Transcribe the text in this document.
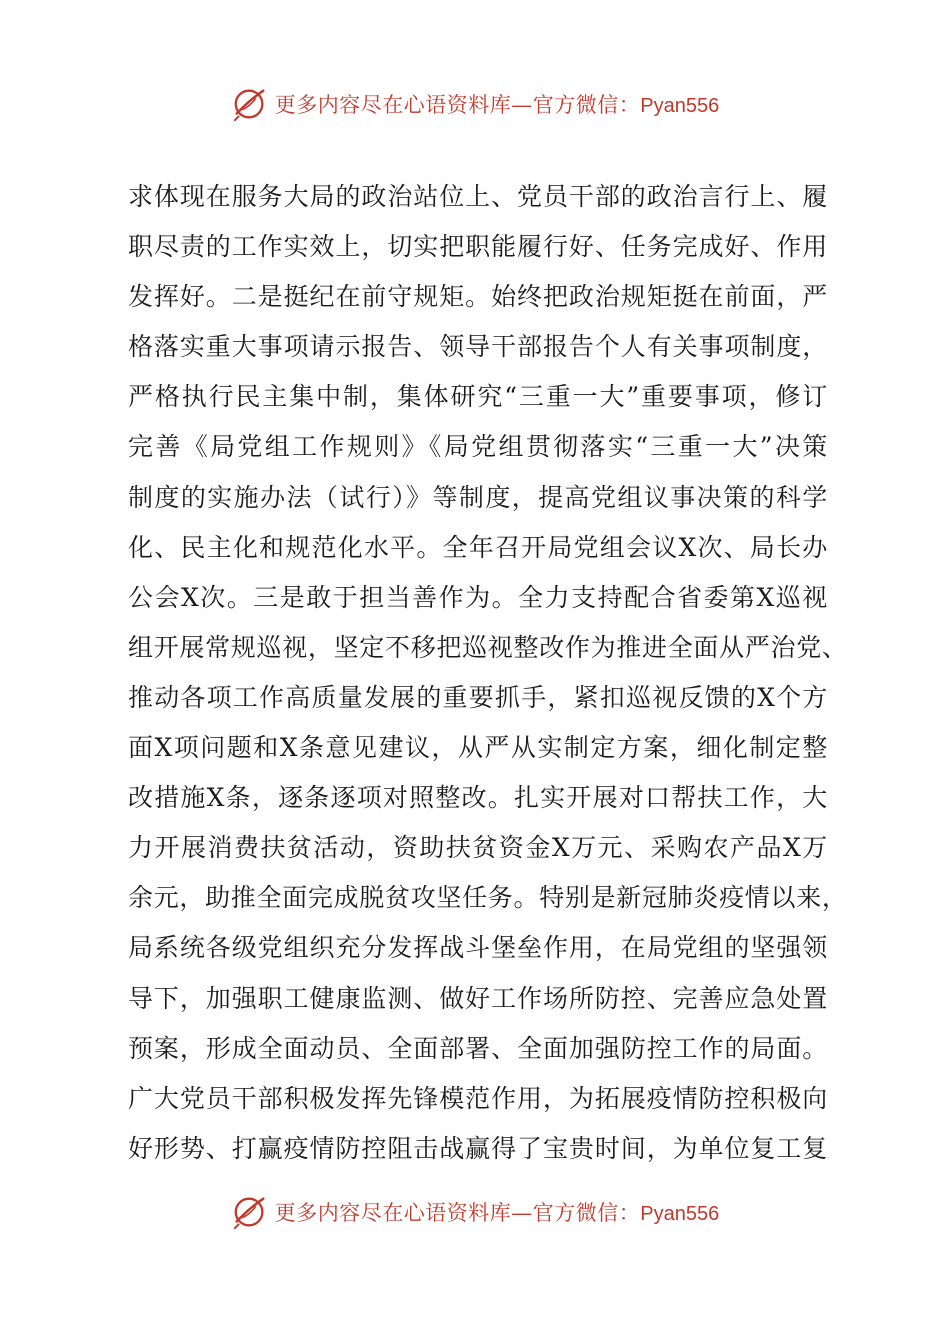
更多内容尽在心语资料库—官方微信：Pyan556
求体现在服务大局的政治站位上、党员干部的政治言行上、履
职尽责的工作实效上，切实把职能履行好、任务完成好、作用
发挥好。二是挺纪在前守规矩。始终把政治规矩挺在前面，严
格落实重大事项请示报告、领导干部报告个人有关事项制度，
严格执行民主集中制，集体研究“三重一大”重要事项，修订
完善《局党组工作规则》《局党组贯彻落实“三重一大”决策
制度的实施办法（试行）》等制度，提高党组议事决策的科学
化、民主化和规范化水平。全年召开局党组会议X次、局长办
公会X次。三是敢于担当善作为。全力支持配合省委第X巡视
组开展常规巡视，坚定不移把巡视整改作为推进全面从严治党、
推动各项工作高质量发展的重要抓手，紧扣巡视反馈的X个方
面X项问题和X条意见建议，从严从实制定方案，细化制定整
改措施X条，逐条逐项对照整改。扎实开展对口帮扶工作，大
力开展消费扶贫活动，资助扶贫资金X万元、采购农产品X万
余元，助推全面完成脱贫攻坚任务。特别是新冠肺炎疫情以来，
局系统各级党组织充分发挥战斗堡垒作用，在局党组的坚强领
导下，加强职工健康监测、做好工作场所防控、完善应急处置
预案，形成全面动员、全面部署、全面加强防控工作的局面。
广大党员干部积极发挥先锋模范作用，为拓展疫情防控积极向
好形势、打赢疫情防控阻击战赢得了宝贵时间，为单位复工复
更多内容尽在心语资料库—官方微信：Pyan556
